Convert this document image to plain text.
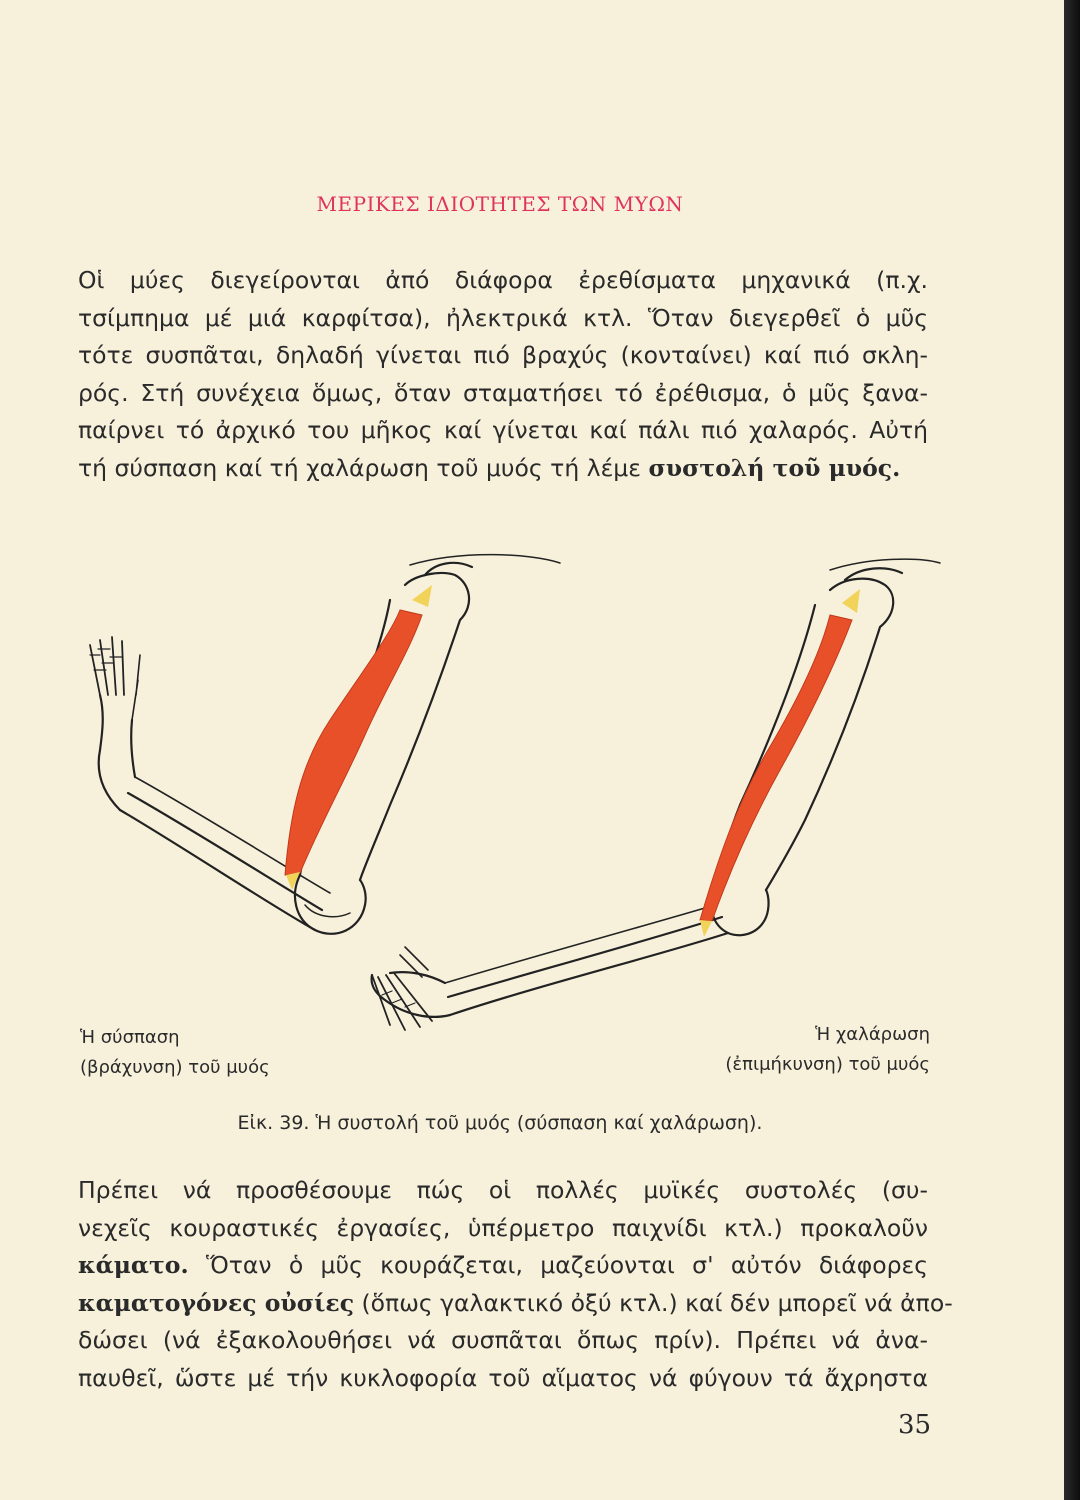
ΜΕΡΙΚΕΣ ΙΔΙΟΤΗΤΕΣ ΤΩΝ ΜΥΩΝ
Οἱ μύες διεγείρονται ἀπό διάφορα ἐρεθίσματα μηχανικά (π.χ.
τσίμπημα μέ μιά καρφίτσα), ἠλεκτρικά κτλ. Ὅταν διεγερθεῖ ὁ μῦς
τότε συσπᾶται, δηλαδή γίνεται πιό βραχύς (κονταίνει) καί πιό σκλη-
ρός. Στή συνέχεια ὅμως, ὅταν σταματήσει τό ἐρέθισμα, ὁ μῦς ξανα-
παίρνει τό ἀρχικό του μῆκος καί γίνεται καί πάλι πιό χαλαρός. Αὐτή
τή σύσπαση καί τή χαλάρωση τοῦ μυός τή λέμε συστολή τοῦ μυός.
Ἡ σύσπαση
(βράχυνση) τοῦ μυός
Ἡ χαλάρωση
(ἐπιμήκυνση) τοῦ μυός
Εἰκ. 39. Ἡ συστολή τοῦ μυός (σύσπαση καί χαλάρωση).
Πρέπει νά προσθέσουμε πώς οἱ πολλές μυϊκές συστολές (συ-
νεχεῖς κουραστικές ἐργασίες, ὑπέρμετρο παιχνίδι κτλ.) προκαλοῦν
κάματο. Ὅταν ὁ μῦς κουράζεται, μαζεύονται σ' αὐτόν διάφορες
καματογόνες οὐσίες (ὅπως γαλακτικό ὀξύ κτλ.) καί δέν μπορεῖ νά ἀπο-
δώσει (νά ἐξακολουθήσει νά συσπᾶται ὅπως πρίν). Πρέπει νά ἀνα-
παυθεῖ, ὥστε μέ τήν κυκλοφορία τοῦ αἵματος νά φύγουν τά ἄχρηστα
35
